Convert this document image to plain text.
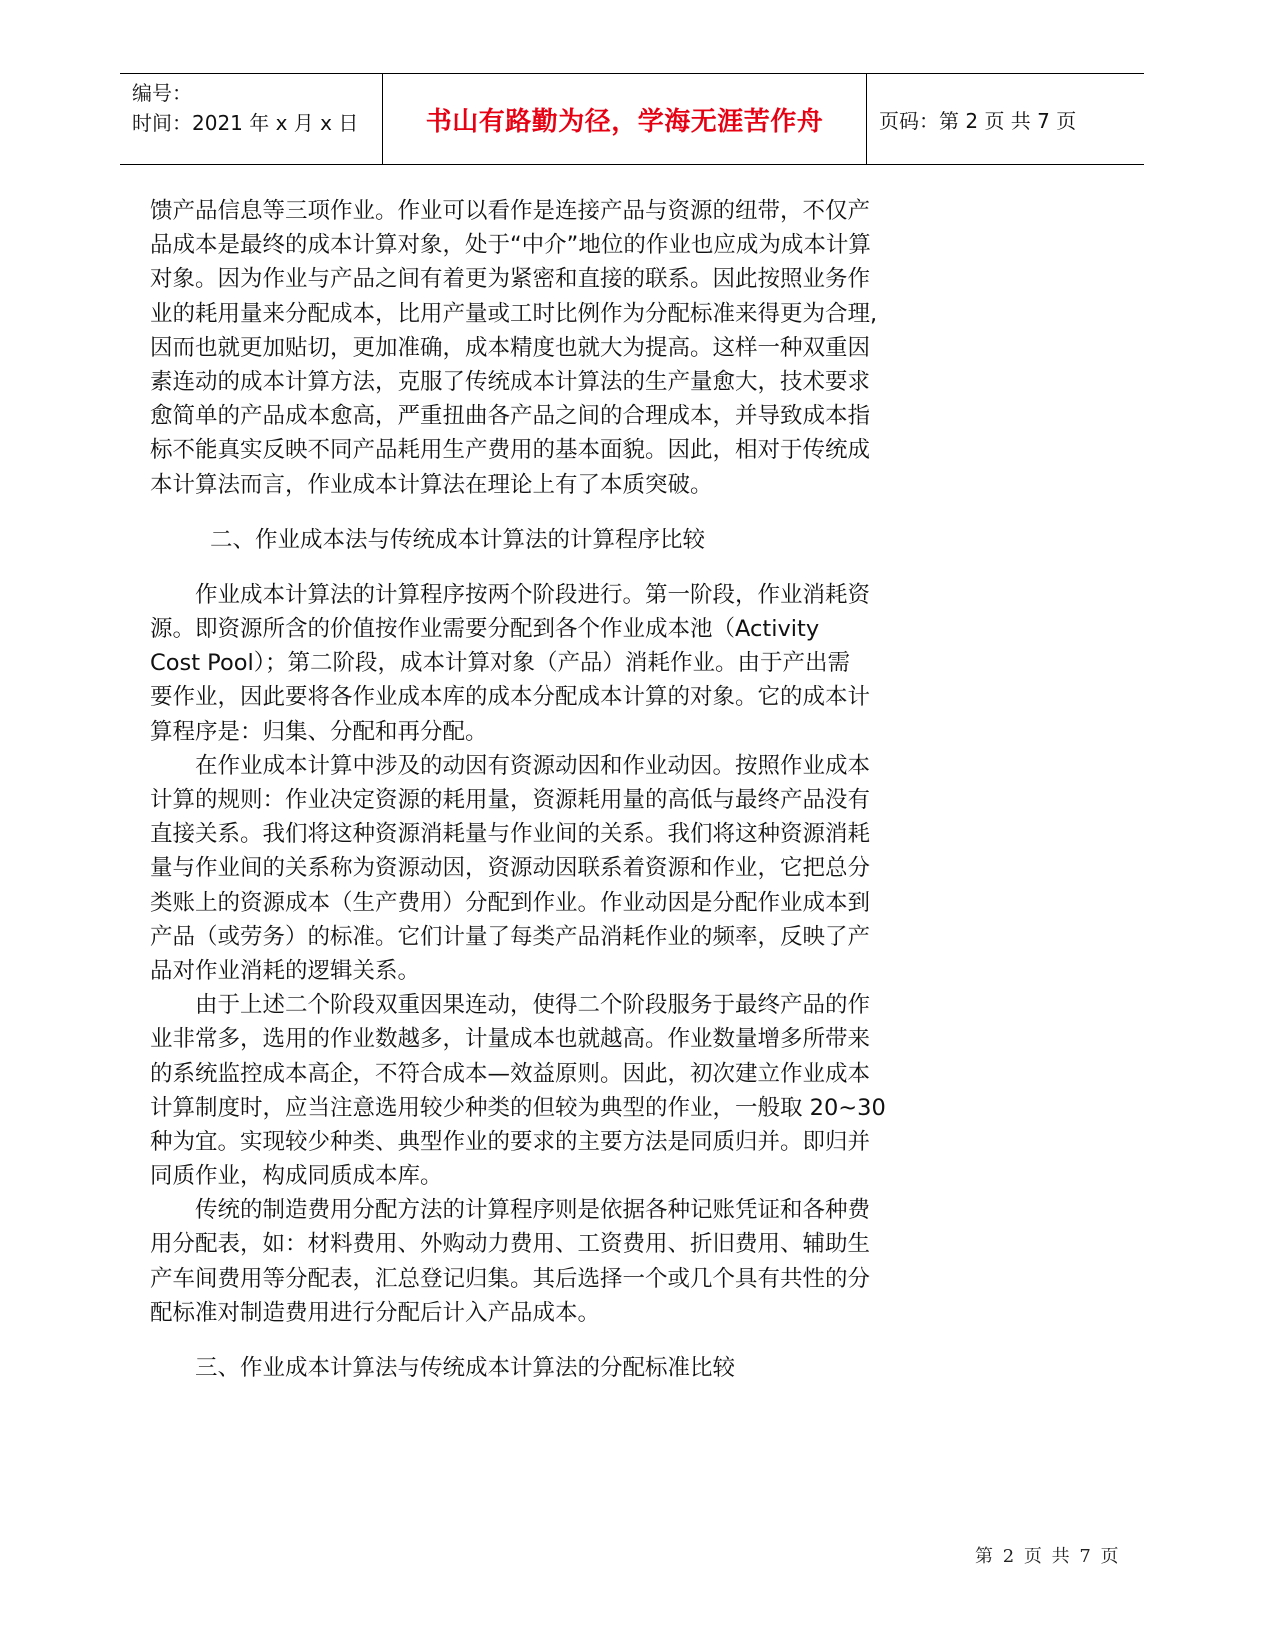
编号：
时间：2021 年 x 月 x 日	书山有路勤为径，学海无涯苦作舟	页码：第 2 页 共 7 页
馈产品信息等三项作业。作业可以看作是连接产品与资源的纽带，不仅产
品成本是最终的成本计算对象，处于“中介”地位的作业也应成为成本计算
对象。因为作业与产品之间有着更为紧密和直接的联系。因此按照业务作
业的耗用量来分配成本，比用产量或工时比例作为分配标准来得更为合理,
因而也就更加贴切，更加准确，成本精度也就大为提高。这样一种双重因
素连动的成本计算方法，克服了传统成本计算法的生产量愈大，技术要求
愈简单的产品成本愈高，严重扭曲各产品之间的合理成本，并导致成本指
标不能真实反映不同产品耗用生产费用的基本面貌。因此，相对于传统成
本计算法而言，作业成本计算法在理论上有了本质突破。
二、作业成本法与传统成本计算法的计算程序比较
作业成本计算法的计算程序按两个阶段进行。第一阶段，作业消耗资
源。即资源所含的价值按作业需要分配到各个作业成本池（Activity
Cost Pool）；第二阶段，成本计算对象（产品）消耗作业。由于产出需
要作业，因此要将各作业成本库的成本分配成本计算的对象。它的成本计
算程序是：归集、分配和再分配。
在作业成本计算中涉及的动因有资源动因和作业动因。按照作业成本
计算的规则：作业决定资源的耗用量，资源耗用量的高低与最终产品没有
直接关系。我们将这种资源消耗量与作业间的关系。我们将这种资源消耗
量与作业间的关系称为资源动因，资源动因联系着资源和作业，它把总分
类账上的资源成本（生产费用）分配到作业。作业动因是分配作业成本到
产品（或劳务）的标准。它们计量了每类产品消耗作业的频率，反映了产
品对作业消耗的逻辑关系。
由于上述二个阶段双重因果连动，使得二个阶段服务于最终产品的作
业非常多，选用的作业数越多，计量成本也就越高。作业数量增多所带来
的系统监控成本高企，不符合成本—效益原则。因此，初次建立作业成本
计算制度时，应当注意选用较少种类的但较为典型的作业，一般取 20~30
种为宜。实现较少种类、典型作业的要求的主要方法是同质归并。即归并
同质作业，构成同质成本库。
传统的制造费用分配方法的计算程序则是依据各种记账凭证和各种费
用分配表，如：材料费用、外购动力费用、工资费用、折旧费用、辅助生
产车间费用等分配表，汇总登记归集。其后选择一个或几个具有共性的分
配标准对制造费用进行分配后计入产品成本。
三、作业成本计算法与传统成本计算法的分配标准比较
第 2 页 共 7 页
